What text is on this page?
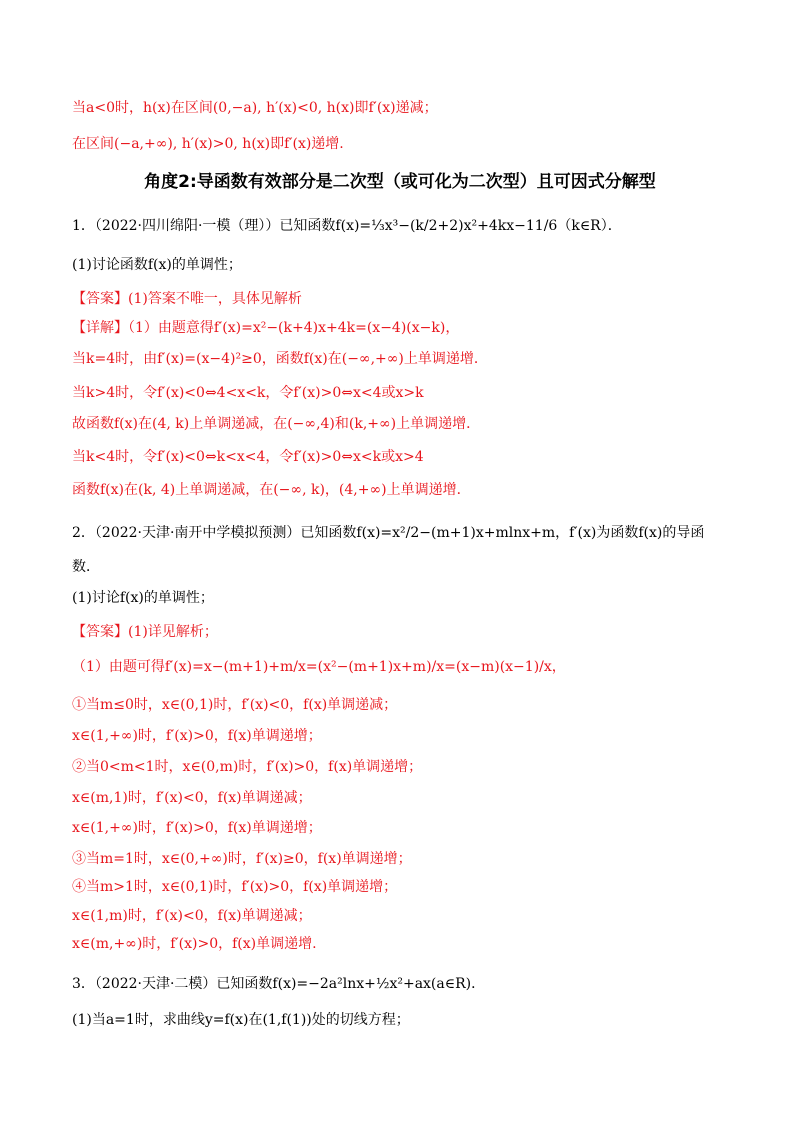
当a<0时，h(x)在区间(0,−a), h′(x)<0, h(x)即f′(x)递减；
在区间(−a,+∞), h′(x)>0, h(x)即f′(x)递增.
角度2:导函数有效部分是二次型（或可化为二次型）且可因式分解型
1．（2022·四川绵阳·一模（理））已知函数f(x)=⅓x³−(k/2+2)x²+4kx−11/6（k∈R）．
(1)讨论函数f(x)的单调性；
【答案】(1)答案不唯一，具体见解析
【详解】（1）由题意得f′(x)=x²−(k+4)x+4k=(x−4)(x−k)，
当k=4时，由f′(x)=(x−4)²≥0，函数f(x)在(−∞,+∞)上单调递增．
当k>4时，令f′(x)<0⇔4<x<k，令f′(x)>0⇔x<4或x>k
故函数f(x)在(4, k)上单调递减，在(−∞,4)和(k,+∞)上单调递增．
当k<4时，令f′(x)<0⇔k<x<4，令f′(x)>0⇔x<k或x>4
函数f(x)在(k, 4)上单调递减，在(−∞, k)，(4,+∞)上单调递增．
2．（2022·天津·南开中学模拟预测）已知函数f(x)=x²/2−(m+1)x+mlnx+m，f′(x)为函数f(x)的导函
数．
(1)讨论f(x)的单调性；
【答案】(1)详见解析；
（1）由题可得f′(x)=x−(m+1)+m/x=(x²−(m+1)x+m)/x=(x−m)(x−1)/x，
①当m≤0时，x∈(0,1)时，f′(x)<0，f(x)单调递减；
x∈(1,+∞)时，f′(x)>0，f(x)单调递增；
②当0<m<1时，x∈(0,m)时，f′(x)>0，f(x)单调递增；
x∈(m,1)时，f′(x)<0，f(x)单调递减；
x∈(1,+∞)时，f′(x)>0，f(x)单调递增；
③当m=1时，x∈(0,+∞)时，f′(x)≥0，f(x)单调递增；
④当m>1时，x∈(0,1)时，f′(x)>0，f(x)单调递增；
x∈(1,m)时，f′(x)<0，f(x)单调递减；
x∈(m,+∞)时，f′(x)>0，f(x)单调递增.
3．（2022·天津·二模）已知函数f(x)=−2a²lnx+½x²+ax(a∈R)．
(1)当a=1时，求曲线y=f(x)在(1,f(1))处的切线方程；
